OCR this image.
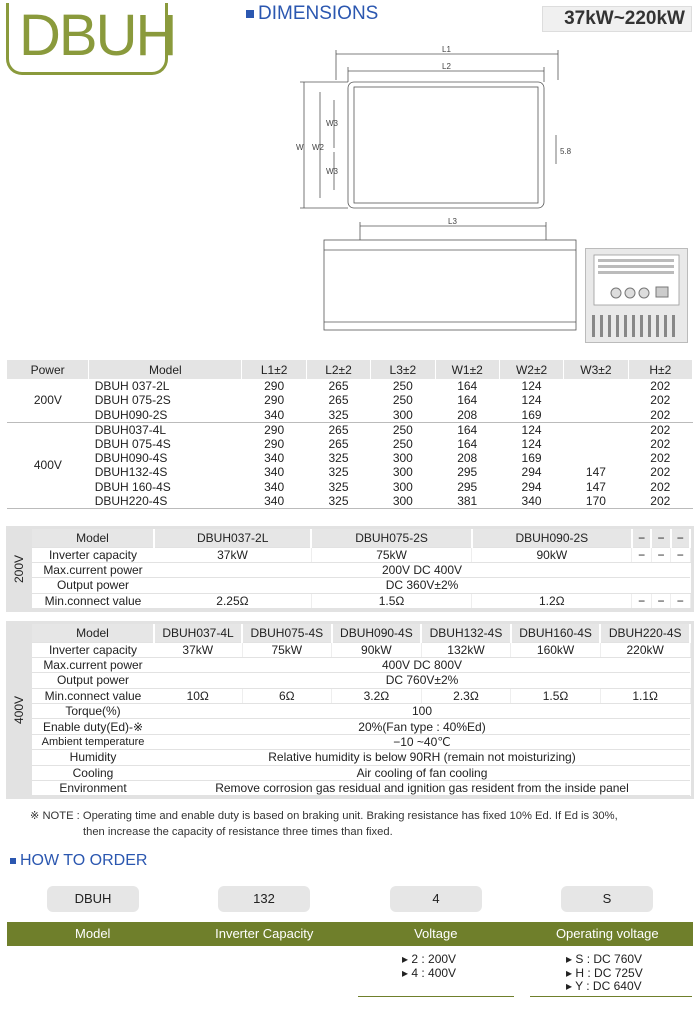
DBUH	DIMENSIONS	37kW~220kW
L1
L2
L3
W W2
W3
W3
5.8
Power	Model	L1±2	L2±2	L3±2	W1±2	W2±2	W3±2	H±2
200V	DBUH 037-2L	290	265	250	164	124		202
	DBUH 075-2S	290	265	250	164	124		202
	DBUH090-2S	340	325	300	208	169		202
400V	DBUH037-4L	290	265	250	164	124		202
	DBUH 075-4S	290	265	250	164	124		202
	DBUH090-4S	340	325	300	208	169		202
	DBUH132-4S	340	325	300	295	294	147	202
	DBUH 160-4S	340	325	300	295	294	147	202
	DBUH220-4S	340	325	300	381	340	170	202
200V
Model	DBUH037-2L	DBUH075-2S	DBUH090-2S	−	−	−
Inverter capacity	37kW	75kW	90kW	−	−	−
Max.current power	200V DC 400V					
Output power	DC 360V±2%					
Min.connect value	2.25Ω	1.5Ω	1.2Ω	−	−	−
400V
Model	DBUH037-4L	DBUH075-4S	DBUH090-4S	DBUH132-4S	DBUH160-4S	DBUH220-4S
Inverter capacity	37kW	75kW	90kW	132kW	160kW	220kW
Max.current power	400V DC 800V					
Output power	DC 760V±2%					
Min.connect value	10Ω	6Ω	3.2Ω	2.3Ω	1.5Ω	1.1Ω
Torque(%)	100					
Enable duty(Ed)-※	20%(Fan type : 40%Ed)					
Ambient temperature	−10 ~40℃					
Humidity	Relative humidity is below 90RH (remain not moisturizing)					
Cooling	Air cooling of fan cooling					
Environment	Remove corrosion gas residual and ignition gas resident from the inside panel					
※ NOTE : Operating time and enable duty is based on braking unit. Braking resistance has fixed 10% Ed. If Ed is 30%,
then increase the capacity of resistance three times than fixed.
HOW TO ORDER
DBUH	132	4	S
Model	Inverter Capacity	Voltage	Operating voltage
▸ 2 : 200V
▸ 4 : 400V
▸ S : DC 760V
▸ H : DC 725V
▸ Y : DC 640V
